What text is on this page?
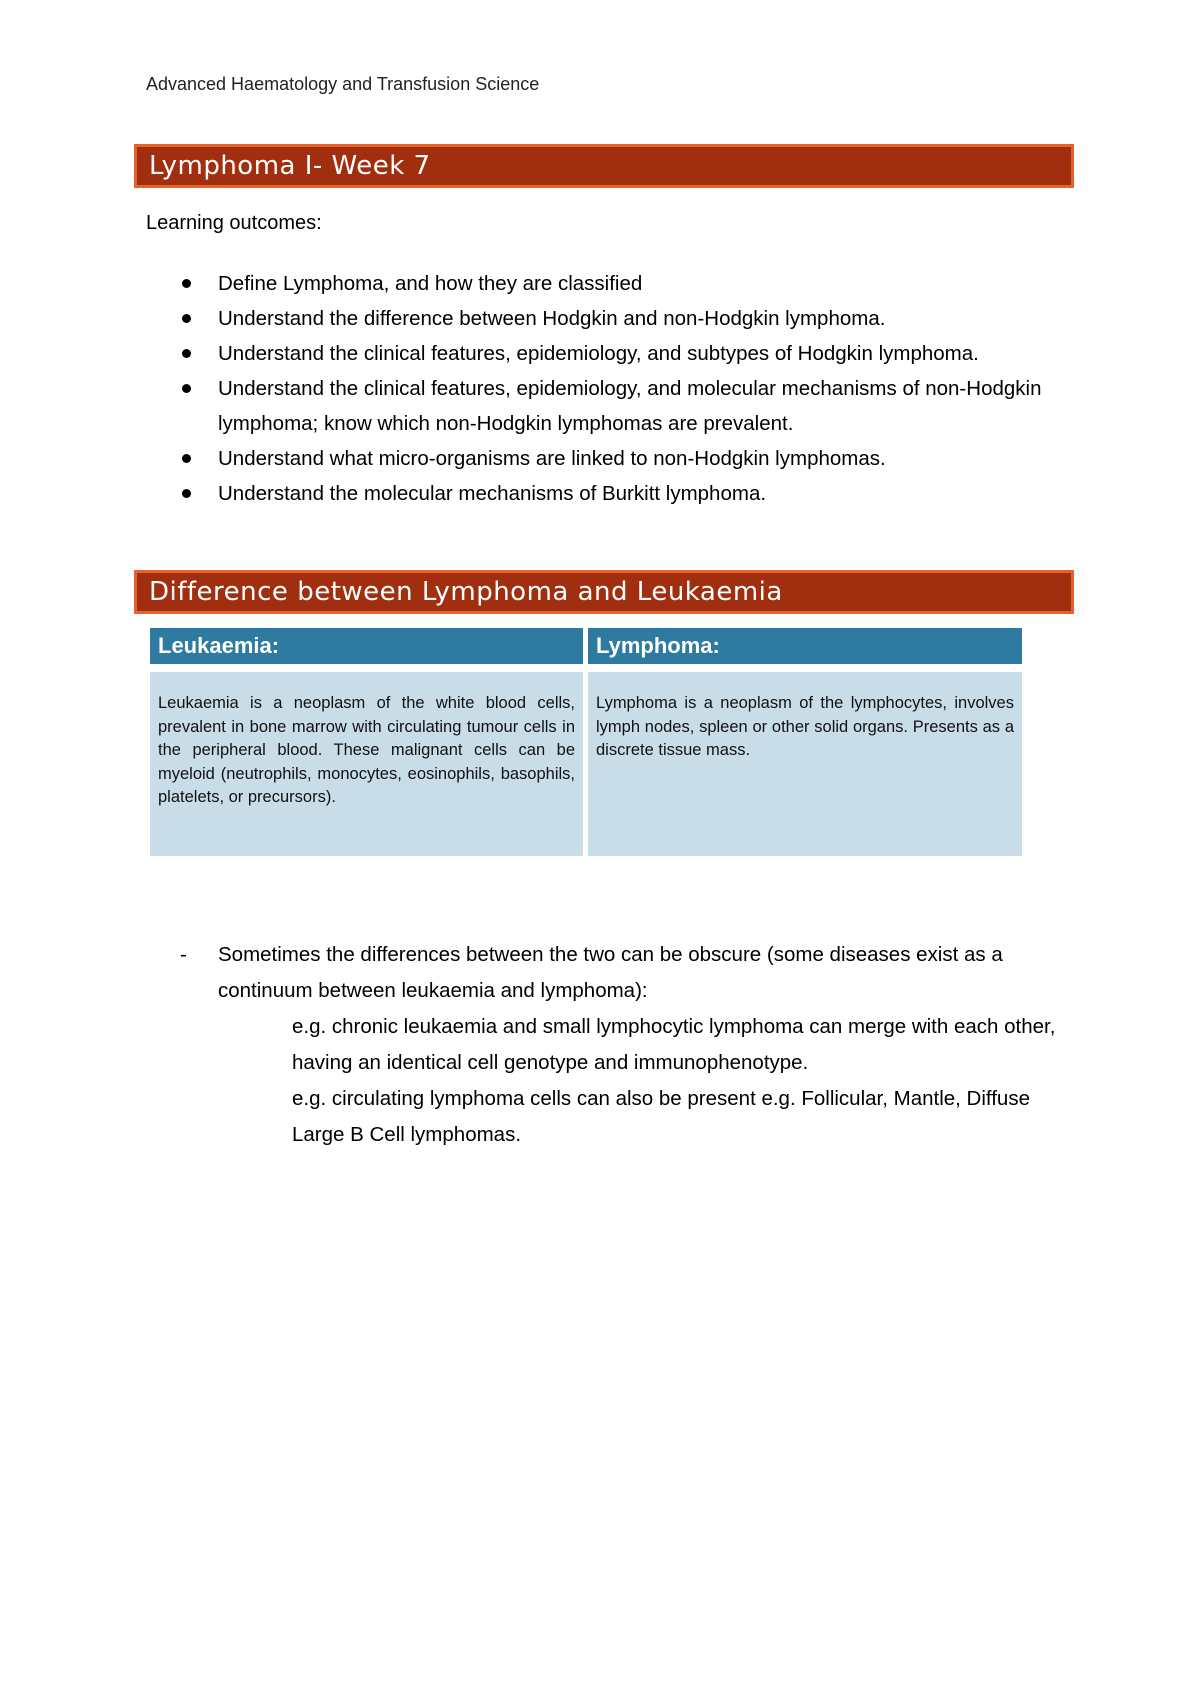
Advanced Haematology and Transfusion Science
Lymphoma I- Week 7
Learning outcomes:
Define Lymphoma, and how they are classified
Understand the difference between Hodgkin and non-Hodgkin lymphoma.
Understand the clinical features, epidemiology, and subtypes of Hodgkin lymphoma.
Understand the clinical features, epidemiology, and molecular mechanisms of non-Hodgkin lymphoma; know which non-Hodgkin lymphomas are prevalent.
Understand what micro-organisms are linked to non-Hodgkin lymphomas.
Understand the molecular mechanisms of Burkitt lymphoma.
Difference between Lymphoma and Leukaemia
Leukaemia:	Lymphoma:
Leukaemia is a neoplasm of the white blood cells, prevalent in bone marrow with circulating tumour cells in the peripheral blood. These malignant cells can be myeloid (neutrophils, monocytes, eosinophils, basophils, platelets, or precursors).
Lymphoma is a neoplasm of the lymphocytes, involves lymph nodes, spleen or other solid organs. Presents as a discrete tissue mass.
- Sometimes the differences between the two can be obscure (some diseases exist as a continuum between leukaemia and lymphoma):
e.g. chronic leukaemia and small lymphocytic lymphoma can merge with each other, having an identical cell genotype and immunophenotype.
e.g. circulating lymphoma cells can also be present e.g. Follicular, Mantle, Diffuse Large B Cell lymphomas.
